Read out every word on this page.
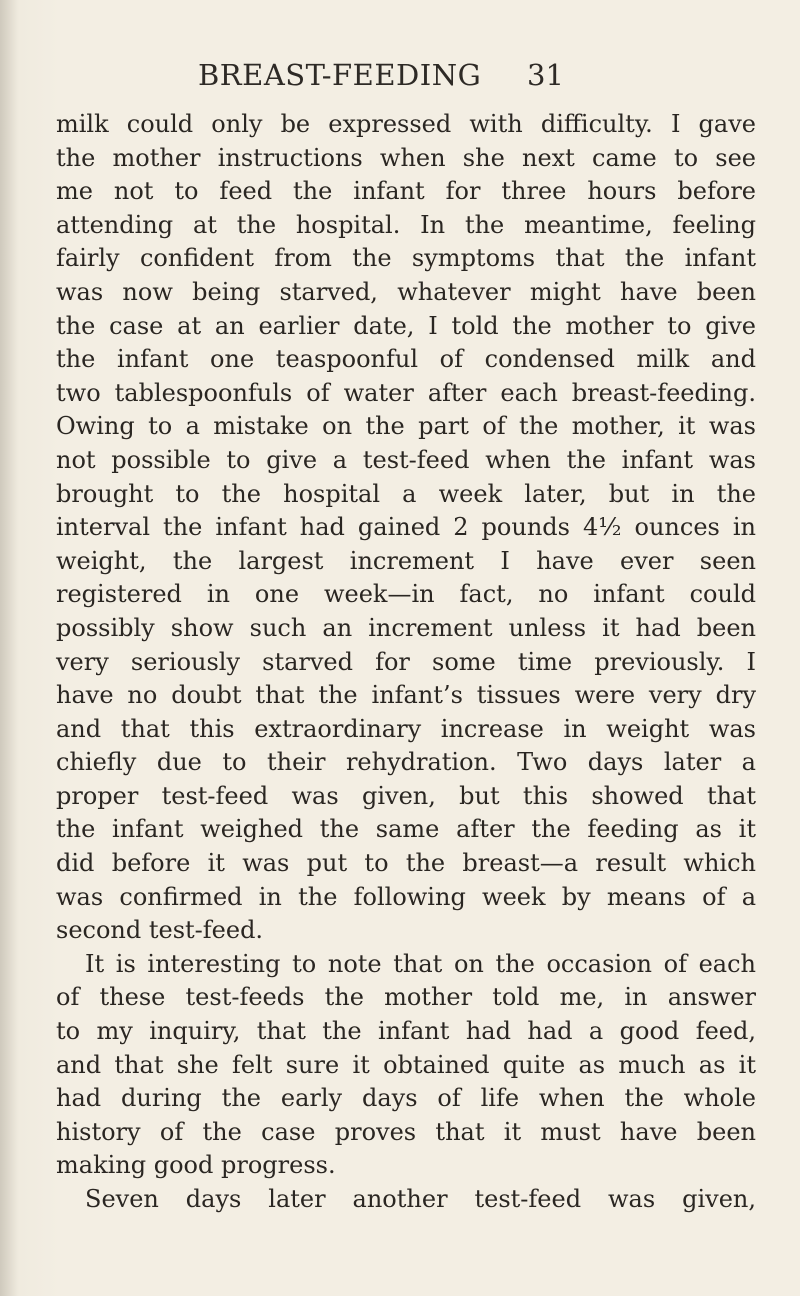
BREAST-FEEDING 31
milk could only be expressed with difficulty. I gave
the mother instructions when she next came to see
me not to feed the infant for three hours before
attending at the hospital. In the meantime, feeling
fairly confident from the symptoms that the infant
was now being starved, whatever might have been
the case at an earlier date, I told the mother to give
the infant one teaspoonful of condensed milk and
two tablespoonfuls of water after each breast-feeding.
Owing to a mistake on the part of the mother, it was
not possible to give a test-feed when the infant was
brought to the hospital a week later, but in the
interval the infant had gained 2 pounds 4½ ounces in
weight, the largest increment I have ever seen
registered in one week—in fact, no infant could
possibly show such an increment unless it had been
very seriously starved for some time previously. I
have no doubt that the infant’s tissues were very dry
and that this extraordinary increase in weight was
chiefly due to their rehydration. Two days later a
proper test-feed was given, but this showed that
the infant weighed the same after the feeding as it
did before it was put to the breast—a result which
was confirmed in the following week by means of a
second test-feed.
It is interesting to note that on the occasion of each
of these test-feeds the mother told me, in answer
to my inquiry, that the infant had had a good feed,
and that she felt sure it obtained quite as much as it
had during the early days of life when the whole
history of the case proves that it must have been
making good progress.
Seven days later another test-feed was given,
